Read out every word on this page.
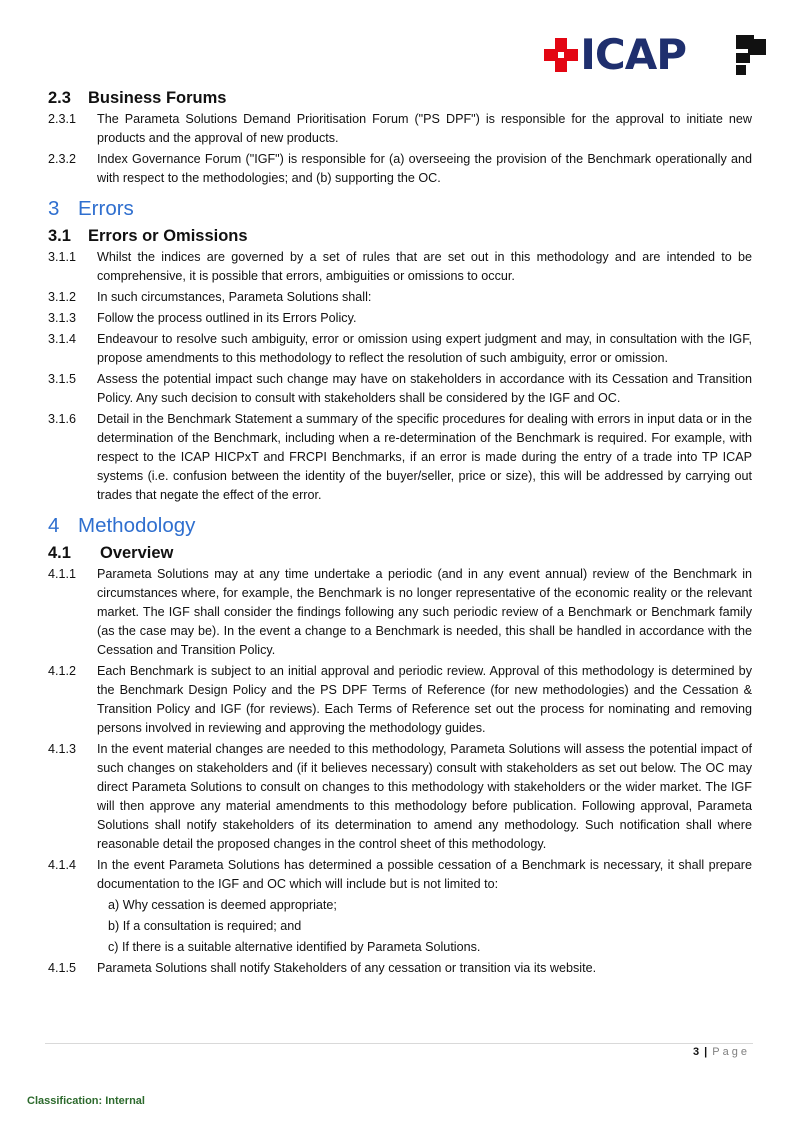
ICAP
2.3 Business Forums
2.3.1	The Parameta Solutions Demand Prioritisation Forum ("PS DPF") is responsible for the approval to initiate new products and the approval of new products.
2.3.2	Index Governance Forum ("IGF") is responsible for (a) overseeing the provision of the Benchmark operationally and with respect to the methodologies; and (b) supporting the OC.
3 Errors
3.1 Errors or Omissions
3.1.1	Whilst the indices are governed by a set of rules that are set out in this methodology and are intended to be comprehensive, it is possible that errors, ambiguities or omissions to occur.
3.1.2	In such circumstances, Parameta Solutions shall:
3.1.3	Follow the process outlined in its Errors Policy.
3.1.4	Endeavour to resolve such ambiguity, error or omission using expert judgment and may, in consultation with the IGF, propose amendments to this methodology to reflect the resolution of such ambiguity, error or omission.
3.1.5	Assess the potential impact such change may have on stakeholders in accordance with its Cessation and Transition Policy. Any such decision to consult with stakeholders shall be considered by the IGF and OC.
3.1.6	Detail in the Benchmark Statement a summary of the specific procedures for dealing with errors in input data or in the determination of the Benchmark, including when a re-determination of the Benchmark is required. For example, with respect to the ICAP HICPxT and FRCPI Benchmarks, if an error is made during the entry of a trade into TP ICAP systems (i.e. confusion between the identity of the buyer/seller, price or size), this will be addressed by carrying out trades that negate the effect of the error.
4 Methodology
4.1 Overview
4.1.1	Parameta Solutions may at any time undertake a periodic (and in any event annual) review of the Benchmark in circumstances where, for example, the Benchmark is no longer representative of the economic reality or the relevant market. The IGF shall consider the findings following any such periodic review of a Benchmark or Benchmark family (as the case may be). In the event a change to a Benchmark is needed, this shall be handled in accordance with the Cessation and Transition Policy.
4.1.2	Each Benchmark is subject to an initial approval and periodic review. Approval of this methodology is determined by the Benchmark Design Policy and the PS DPF Terms of Reference (for new methodologies) and the Cessation & Transition Policy and IGF (for reviews). Each Terms of Reference set out the process for nominating and removing persons involved in reviewing and approving the methodology guides.
4.1.3	In the event material changes are needed to this methodology, Parameta Solutions will assess the potential impact of such changes on stakeholders and (if it believes necessary) consult with stakeholders as set out below. The OC may direct Parameta Solutions to consult on changes to this methodology with stakeholders or the wider market. The IGF will then approve any material amendments to this methodology before publication. Following approval, Parameta Solutions shall notify stakeholders of its determination to amend any methodology. Such notification shall where reasonable detail the proposed changes in the control sheet of this methodology.
4.1.4	In the event Parameta Solutions has determined a possible cessation of a Benchmark is necessary, it shall prepare documentation to the IGF and OC which will include but is not limited to:
a) Why cessation is deemed appropriate;
b) If a consultation is required; and
c) If there is a suitable alternative identified by Parameta Solutions.
4.1.5	Parameta Solutions shall notify Stakeholders of any cessation or transition via its website.
3 | Page
Classification: Internal
